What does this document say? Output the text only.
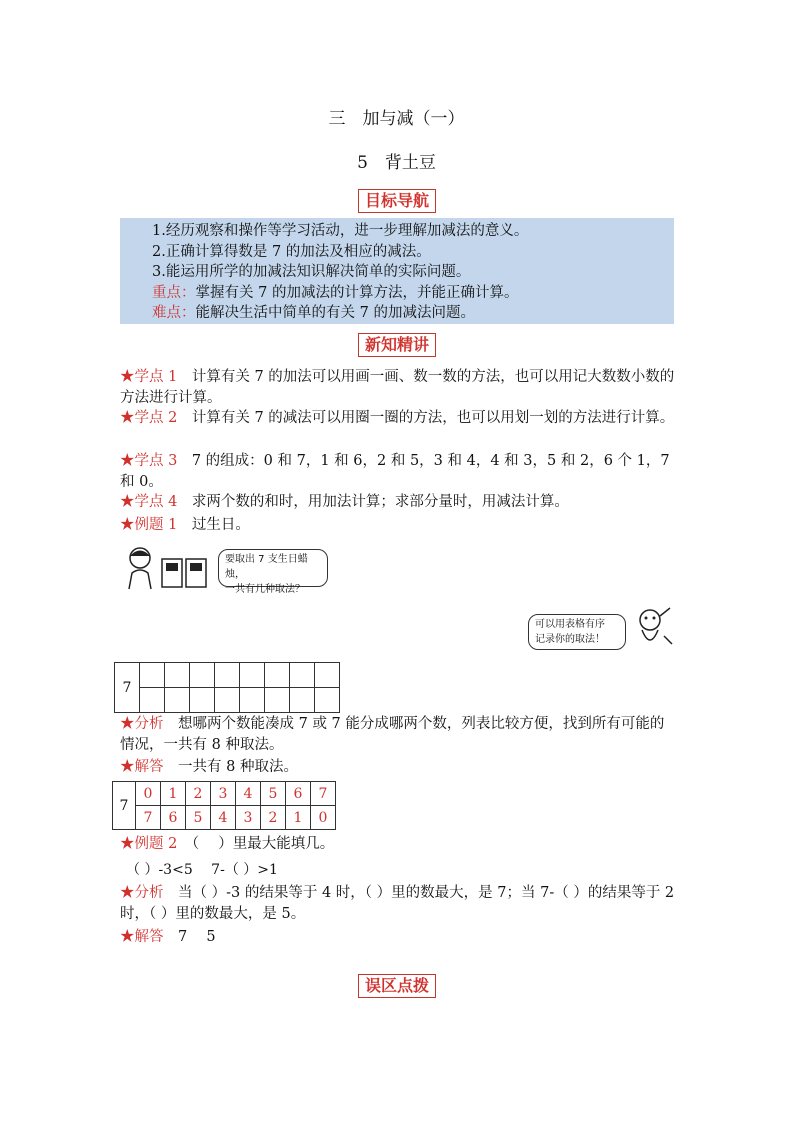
三　加与减（一）
5　背土豆
目标导航
1.经历观察和操作等学习活动，进一步理解加减法的意义。
2.正确计算得数是 7 的加法及相应的减法。
3.能运用所学的加减法知识解决简单的实际问题。
重点：掌握有关 7 的加减法的计算方法，并能正确计算。
难点：能解决生活中简单的有关 7 的加减法问题。
新知精讲
★学点 1　 计算有关 7 的加法可以用画一画、数一数的方法，也可以用记大数数小数的方法进行计算。
★学点 2　 计算有关 7 的减法可以用圈一圈的方法，也可以用划一划的方法进行计算。
★学点 3　 7 的组成：0 和 7，1 和 6，2 和 5，3 和 4，4 和 3，5 和 2，6 个 1，7 和 0。
★学点 4　 求两个数的和时，用加法计算；求部分量时，用减法计算。
★例题 1　 过生日。
要取出 7 支生日蜡烛，
一共有几种取法？
可以用表格有序
记录你的取法！
7								

★分析　 想哪两个数能凑成 7 或 7 能分成哪两个数，列表比较方便，找到所有可能的情况，一共有 8 种取法。
★解答　 一共有 8 种取法。
7	0	1	2	3	4	5	6	7
	7	6	5	4	3	2	1	0
★例题 2　 （　 ）里最大能填几。
（ ）-3<5　 7-（ ）>1
★分析　 当（ ）-3 的结果等于 4 时，（ ）里的数最大，是 7；当 7-（ ）的结果等于 2 时，（ ）里的数最大，是 5。
★解答　 7　 5
误区点拨
